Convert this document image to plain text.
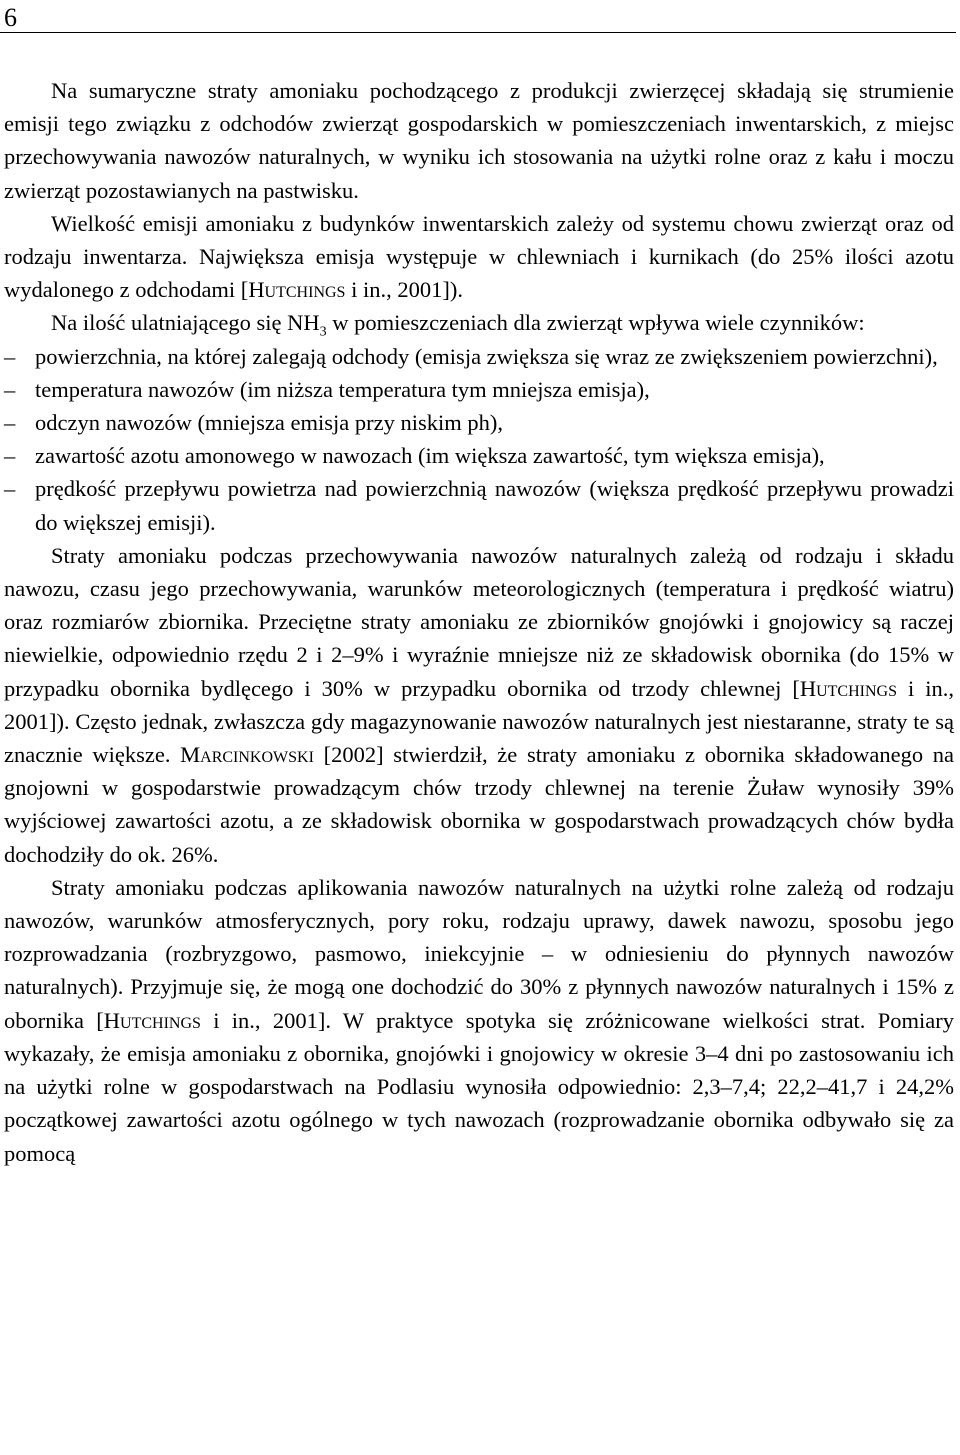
6

Na sumaryczne straty amoniaku pochodzącego z produkcji zwierzęcej składają się strumienie emisji tego związku z odchodów zwierząt gospodarskich w pomieszczeniach inwentarskich, z miejsc przechowywania nawozów naturalnych, w wyniku ich stosowania na użytki rolne oraz z kału i moczu zwierząt pozostawianych na pastwisku.

Wielkość emisji amoniaku z budynków inwentarskich zależy od systemu chowu zwierząt oraz od rodzaju inwentarza. Największa emisja występuje w chlewniach i kurnikach (do 25% ilości azotu wydalonego z odchodami [Hutchings i in., 2001]).

Na ilość ulatniającego się $NH_3$ w pomieszczeniach dla zwierząt wpływa wiele czynników:

– powierzchnia, na której zalegają odchody (emisja zwiększa się wraz ze zwiększeniem powierzchni),
– temperatura nawozów (im niższa temperatura tym mniejsza emisja),
– odczyn nawozów (mniejsza emisja przy niskim ph),
– zawartość azotu amonowego w nawozach (im większa zawartość, tym większa emisja),
– prędkość przepływu powietrza nad powierzchnią nawozów (większa prędkość przepływu prowadzi do większej emisji).

Straty amoniaku podczas przechowywania nawozów naturalnych zależą od rodzaju i składu nawozu, czasu jego przechowywania, warunków meteorologicznych (temperatura i prędkość wiatru) oraz rozmiarów zbiornika. Przeciętne straty amoniaku ze zbiorników gnojówki i gnojowicy są raczej niewielkie, odpowiednio rzędu 2 i 2–9% i wyraźnie mniejsze niż ze składowisk obornika (do 15% w przypadku obornika bydlęcego i 30% w przypadku obornika od trzody chlewnej [Hutchings i in., 2001]). Często jednak, zwłaszcza gdy magazynowanie nawozów naturalnych jest niestaranne, straty te są znacznie większe. Marcinkowski [2002] stwierdził, że straty amoniaku z obornika składowanego na gnojowni w gospodarstwie prowadzącym chów trzody chlewnej na terenie Żuław wynosiły 39% wyjściowej zawartości azotu, a ze składowisk obornika w gospodarstwach prowadzących chów bydła dochodziły do ok. 26%.

Straty amoniaku podczas aplikowania nawozów naturalnych na użytki rolne zależą od rodzaju nawozów, warunków atmosferycznych, pory roku, rodzaju uprawy, dawek nawozu, sposobu jego rozprowadzania (rozbryzgowo, pasmowo, iniekcyjnie – w odniesieniu do płynnych nawozów naturalnych). Przyjmuje się, że mogą one dochodzić do 30% z płynnych nawozów naturalnych i 15% z obornika [Hutchings i in., 2001]. W praktyce spotyka się zróżnicowane wielkości strat. Pomiary wykazały, że emisja amoniaku z obornika, gnojówki i gnojowicy w okresie 3–4 dni po zastosowaniu ich na użytki rolne w gospodarstwach na Podlasiu wynosiła odpowiednio: 2,3–7,4; 22,2–41,7 i 24,2% początkowej zawartości azotu ogólnego w tych nawozach (rozprowadzanie obornika odbywało się za pomocą
